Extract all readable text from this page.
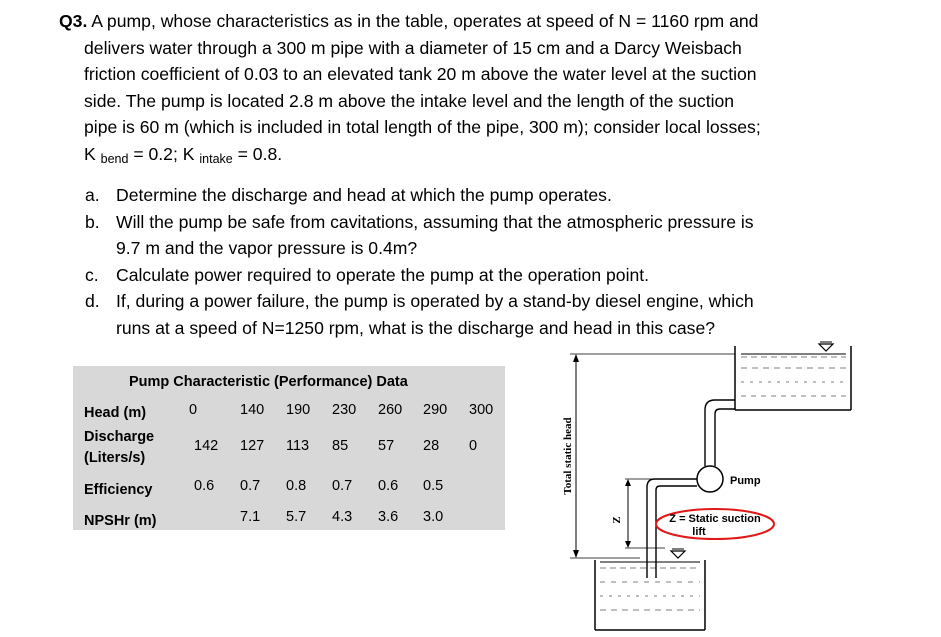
Q3. A pump, whose characteristics as in the table, operates at speed of N = 1160 rpm and
delivers water through a 300 m pipe with a diameter of 15 cm and a Darcy Weisbach
friction coefficient of 0.03 to an elevated tank 20 m above the water level at the suction
side. The pump is located 2.8 m above the intake level and the length of the suction
pipe is 60 m (which is included in total length of the pipe, 300 m); consider local losses;
K bend = 0.2; K intake = 0.8.
a. Determine the discharge and head at which the pump operates.
b. Will the pump be safe from cavitations, assuming that the atmospheric pressure is
9.7 m and the vapor pressure is 0.4m?
c. Calculate power required to operate the pump at the operation point.
d. If, during a power failure, the pump is operated by a stand-by diesel engine, which
runs at a speed of N=1250 rpm, what is the discharge and head in this case?
Pump Characteristic (Performance) Data
Head (m)
Discharge
(Liters/s)
Efficiency
NPSHr (m)
0	140 190 230 260 290 300
142 127 113 85 57 28 0
0.6 0.7 0.8 0.7 0.6 0.5
7.1 5.7 4.3 3.6 3.0
Total static head
Z
Pump
Z = Static suction
lift
